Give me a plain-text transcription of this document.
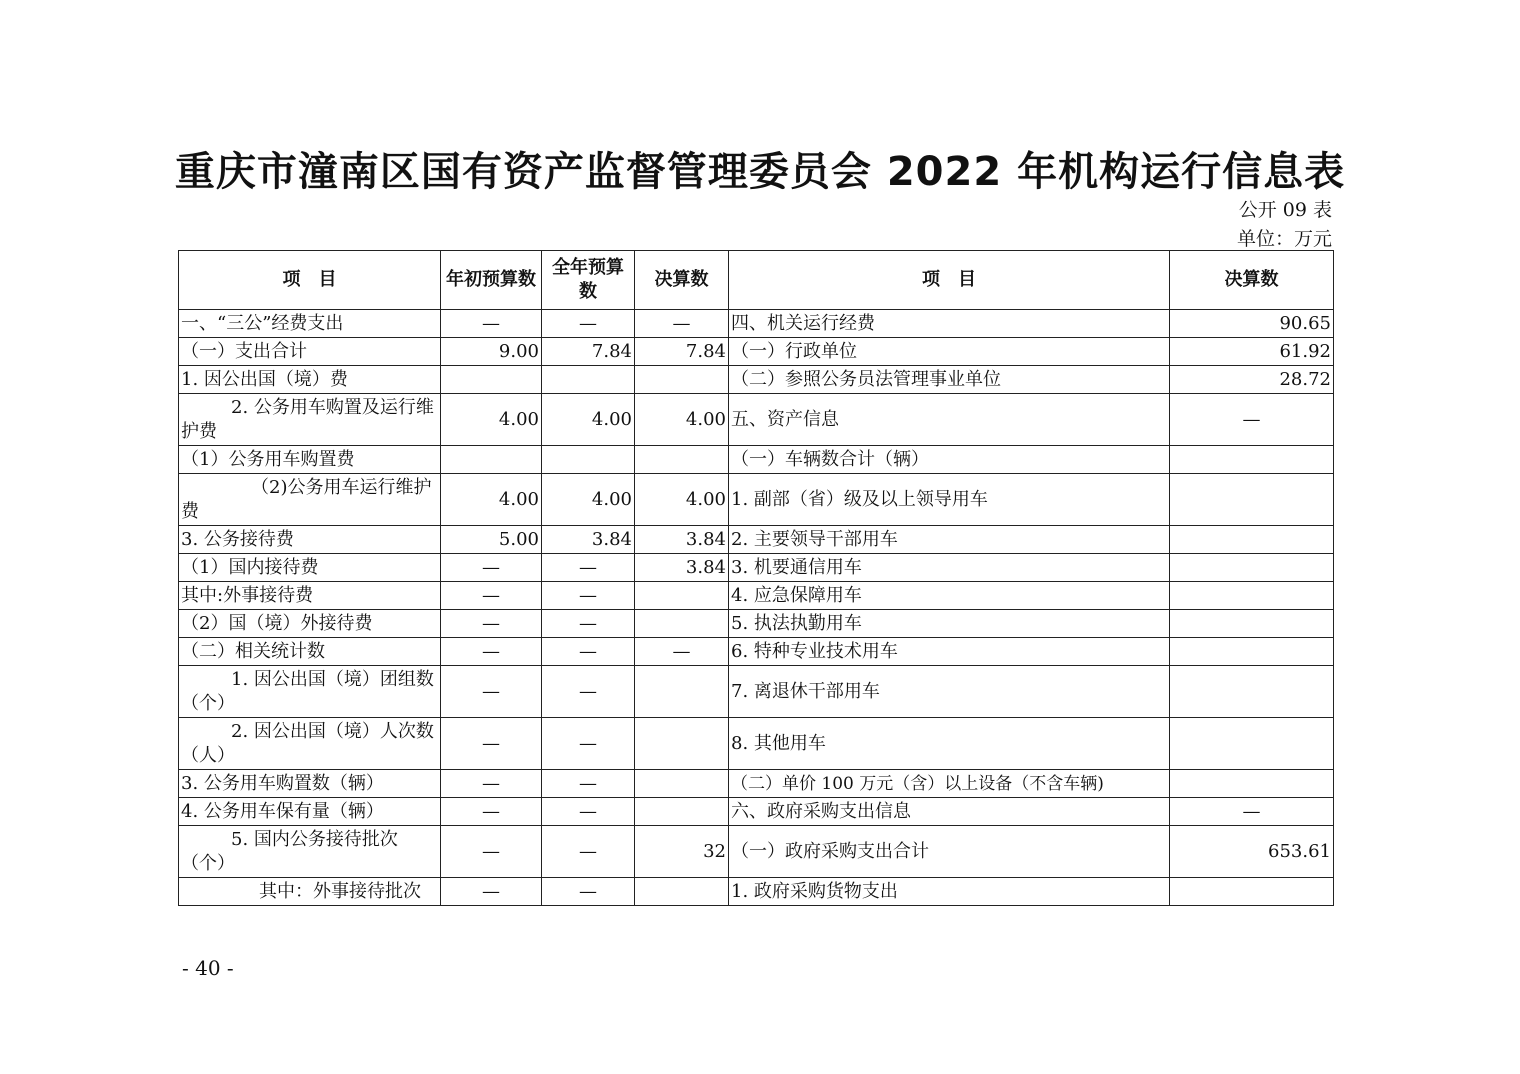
重庆市潼南区国有资产监督管理委员会 2022 年机构运行信息表
公开 09 表
单位：万元
项　目	年初预算数	全年预算数	决算数	项　目	决算数
一、“三公”经费支出	—	—	—	四、机关运行经费	90.65
（一）支出合计	9.00	7.84	7.84	（一）行政单位	61.92
1. 因公出国（境）费				（二）参照公务员法管理事业单位	28.72
2. 公务用车购置及运行维护费	4.00	4.00	4.00	五、资产信息	—
（1）公务用车购置费				（一）车辆数合计（辆）	
（2)公务用车运行维护费	4.00	4.00	4.00	1. 副部（省）级及以上领导用车	
3. 公务接待费	5.00	3.84	3.84	2. 主要领导干部用车	
（1）国内接待费	—	—	3.84	3. 机要通信用车	
其中:外事接待费	—	—		4. 应急保障用车	
（2）国（境）外接待费	—	—		5. 执法执勤用车	
（二）相关统计数	—	—	—	6. 特种专业技术用车	
1. 因公出国（境）团组数（个）	—	—		7. 离退休干部用车	
2. 因公出国（境）人次数（人）	—	—		8. 其他用车	
3. 公务用车购置数（辆）	—	—		（二）单价 100 万元（含）以上设备（不含车辆)	
4. 公务用车保有量（辆）	—	—		六、政府采购支出信息	—
5. 国内公务接待批次（个）	—	—	32	（一）政府采购支出合计	653.61
其中：外事接待批次	—	—		1. 政府采购货物支出	
- 40 -
